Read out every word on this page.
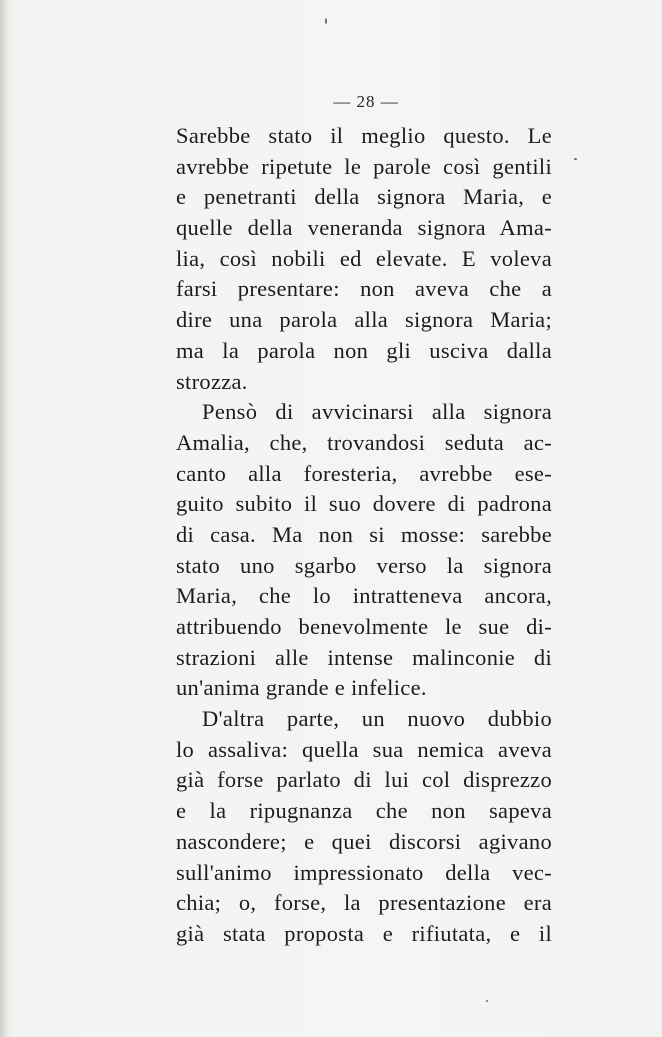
— 28 —
Sarebbe stato il meglio questo. Le
avrebbe ripetute le parole così gentili
e penetranti della signora Maria, e
quelle della veneranda signora Ama-
lia, così nobili ed elevate. E voleva
farsi presentare: non aveva che a
dire una parola alla signora Maria;
ma la parola non gli usciva dalla
strozza.
Pensò di avvicinarsi alla signora
Amalia, che, trovandosi seduta ac-
canto alla foresteria, avrebbe ese-
guito subito il suo dovere di padrona
di casa. Ma non si mosse: sarebbe
stato uno sgarbo verso la signora
Maria, che lo intratteneva ancora,
attribuendo benevolmente le sue di-
strazioni alle intense malinconie di
un'anima grande e infelice.
D'altra parte, un nuovo dubbio
lo assaliva: quella sua nemica aveva
già forse parlato di lui col disprezzo
e la ripugnanza che non sapeva
nascondere; e quei discorsi agivano
sull'animo impressionato della vec-
chia; o, forse, la presentazione era
già stata proposta e rifiutata, e il
